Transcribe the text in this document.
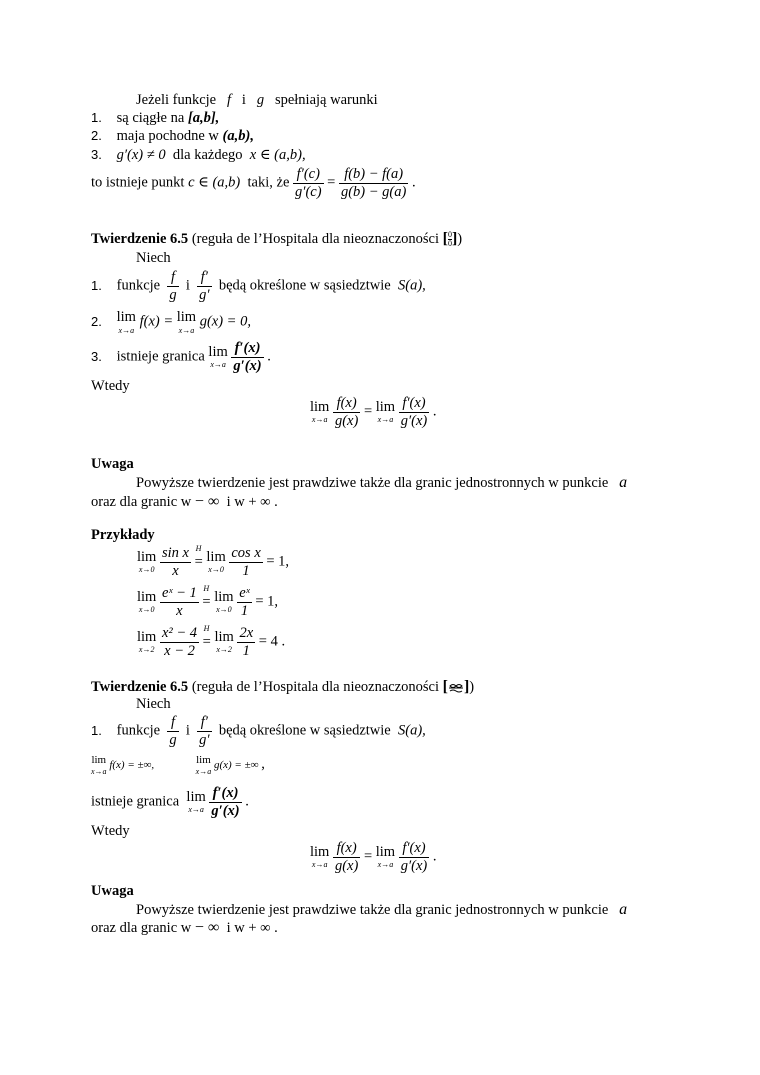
Jeżeli funkcje f i g spełniają warunki
1. są ciągłe na [a,b],
2. maja pochodne w (a,b),
3. g′(x) ≠ 0 dla każdego x ∈ (a,b),
to istnieje punkt c ∈ (a,b) taki, że $\frac{f'(c)}{g'(c)} = \frac{f(b) - f(a)}{g(b) - g(a)}$ .
Twierdzenie 6.5 (reguła de l’Hospitala dla nieoznaczoności [ $\frac{0}{0}$])
Niech
1. funkcje $\frac{f}{g}$ i $\frac{f'}{g'}$ będą określone w sąsiedztwie S(a),
2. lim
x→a
f(x) = lim
x→a
g(x) = 0,
3. istnieje granica lim
x→a
$\frac{f'(x)}{g'(x)}$ .
Wtedy
lim
x→a
$\frac{f(x)}{g(x)} = \lim$
x→a
$\frac{f'(x)}{g'(x)}$ .
Uwaga
Powyższe twierdzenie jest prawdziwe także dla granic jednostronnych w punkcie a
oraz dla granic w − ∞ i w + ∞ .
Przykłady
lim
x→0
$\frac{\text{sin x}}{x}$
H
= lim
x→0
$\frac{\text{cos x}}{1} = 1$,
lim
x→0
$\frac{\text{eˣ − 1}}{x}$
H
= lim
x→0
$\frac{\text{eˣ}}{1} = 1$,
lim
x→2
$\frac{\text{x² − 4}}{x - 2}$
H
= lim
x→2
$\frac{2x}{1} = 4$ .
Twierdzenie 6.5 (reguła de l’Hospitala dla nieoznaczoności [ ])
Niech
1. funkcje $\frac{f}{g}$ i $\frac{f'}{g'}$ będą określone w sąsiedztwie S(a),
lim
x→a
f(x) = ±∞,	lim
x→a
g(x) = ±∞ ,
istnieje granica lim
x→a
$\frac{f'(x)}{g'(x)}$ .
Wtedy
lim
x→a
$\frac{f(x)}{g(x)} = \lim$
x→a
$\frac{f'(x)}{g'(x)}$ .
Uwaga
Powyższe twierdzenie jest prawdziwe także dla granic jednostronnych w punkcie a
oraz dla granic w − ∞ i w + ∞ .
